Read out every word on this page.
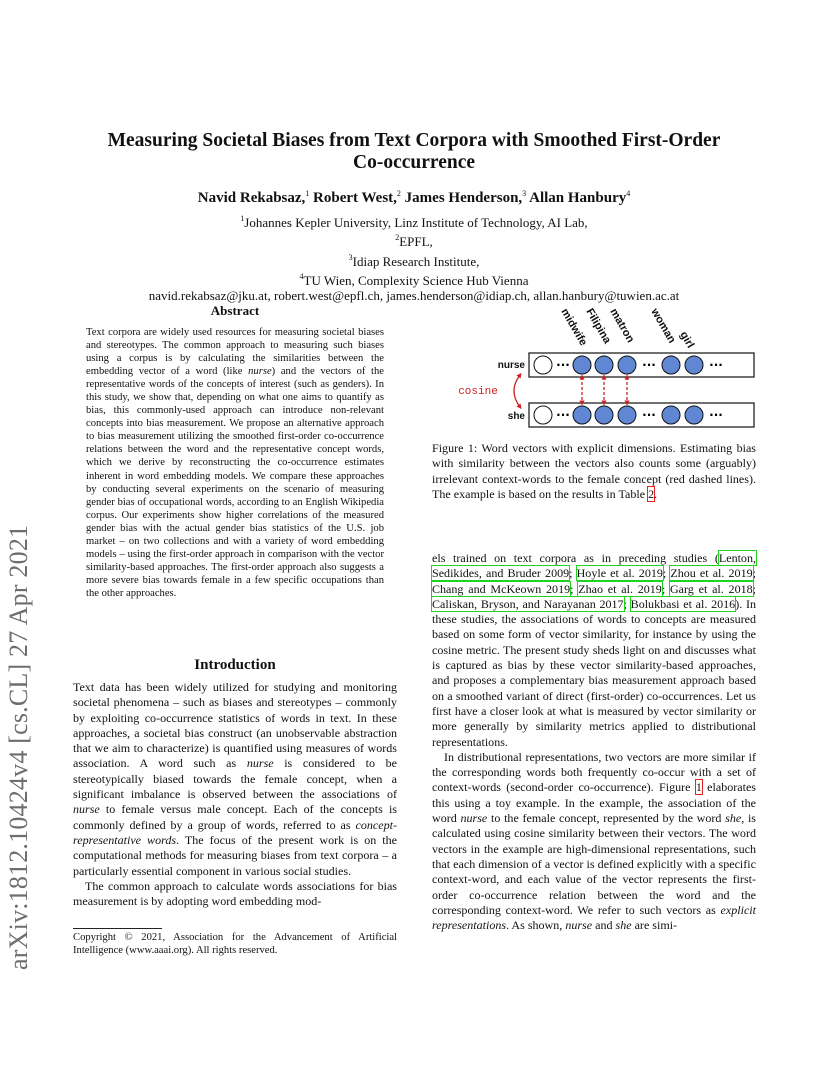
arXiv:1812.10424v4 [cs.CL] 27 Apr 2021
Measuring Societal Biases from Text Corpora with Smoothed First-Order
Co-occurrence
Navid Rekabsaz,$^1$ Robert West,$^2$ James Henderson,$^3$ Allan Hanbury$^4$
$^1$Johannes Kepler University, Linz Institute of Technology, AI Lab,
$^2$EPFL,
$^3$Idiap Research Institute,
$^4$TU Wien, Complexity Science Hub Vienna
navid.rekabsaz@jku.at, robert.west@epfl.ch, james.henderson@idiap.ch, allan.hanbury@tuwien.ac.at
Abstract
Text corpora are widely used resources for measuring societal biases and stereotypes. The common approach to measuring such biases using a corpus is by calculating the similarities between the embedding vector of a word (like nurse) and the vectors of the representative words of the concepts of interest (such as genders). In this study, we show that, depending on what one aims to quantify as bias, this commonly-used approach can introduce non-relevant concepts into bias measurement. We propose an alternative approach to bias measurement utilizing the smoothed first-order co-occurrence relations between the word and the representative concept words, which we derive by reconstructing the co-occurrence estimates inherent in word embedding models. We compare these approaches by conducting several experiments on the scenario of measuring gender bias of occupational words, according to an English Wikipedia corpus. Our experiments show higher correlations of the measured gender bias with the actual gender bias statistics of the U.S. job market – on two collections and with a variety of word embedding models – using the first-order approach in comparison with the vector similarity-based approaches. The first-order approach also suggests a more severe bias towards female in a few specific occupations than the other approaches.
Introduction

Text data has been widely utilized for studying and monitoring societal phenomena – such as biases and stereotypes – commonly by exploiting co-occurrence statistics of words in text. In these approaches, a societal bias construct (an unobservable abstraction that we aim to characterize) is quantified using measures of words association. A word such as nurse is considered to be stereotypically biased towards the female concept, when a significant imbalance is observed between the associations of nurse to female versus male concept. Each of the concepts is commonly defined by a group of words, referred to as concept-representative words. The focus of the present work is on the computational methods for measuring biases from text corpora – a particularly essential component in various social studies.

The common approach to calculate words associations for bias measurement is by adopting word embedding mod-

midwife
Filipina
matron woman girl
nurse
she
···	···	···
···	···	···
cosine
Figure 1: Word vectors with explicit dimensions. Estimating bias with similarity between the vectors also counts some (arguably) irrelevant context-words to the female concept (red dashed lines). The example is based on the results in Table 2.

els trained on text corpora as in preceding studies (Lenton, Sedikides, and Bruder 2009; Hoyle et al. 2019; Zhou et al. 2019; Chang and McKeown 2019; Zhao et al. 2019; Garg et al. 2018; Caliskan, Bryson, and Narayanan 2017; Bolukbasi et al. 2016). In these studies, the associations of words to concepts are measured based on some form of vector similarity, for instance by using the cosine metric. The present study sheds light on and discusses what is captured as bias by these vector similarity-based approaches, and proposes a complementary bias measurement approach based on a smoothed variant of direct (first-order) co-occurrences. Let us first have a closer look at what is measured by vector similarity or more generally by similarity metrics applied to distributional representations.

In distributional representations, two vectors are more similar if the corresponding words both frequently co-occur with a set of context-words (second-order co-occurrence). Figure 1 elaborates this using a toy example. In the example, the association of the word nurse to the female concept, represented by the word she, is calculated using cosine similarity between their vectors. The word vectors in the example are high-dimensional representations, such that each dimension of a vector is defined explicitly with a specific context-word, and each value of the vector represents the first-order co-occurrence relation between the word and the corresponding context-word. We refer to such vectors as explicit representations. As shown, nurse and she are simi-

Copyright © 2021, Association for the Advancement of Artificial Intelligence (www.aaai.org). All rights reserved.
